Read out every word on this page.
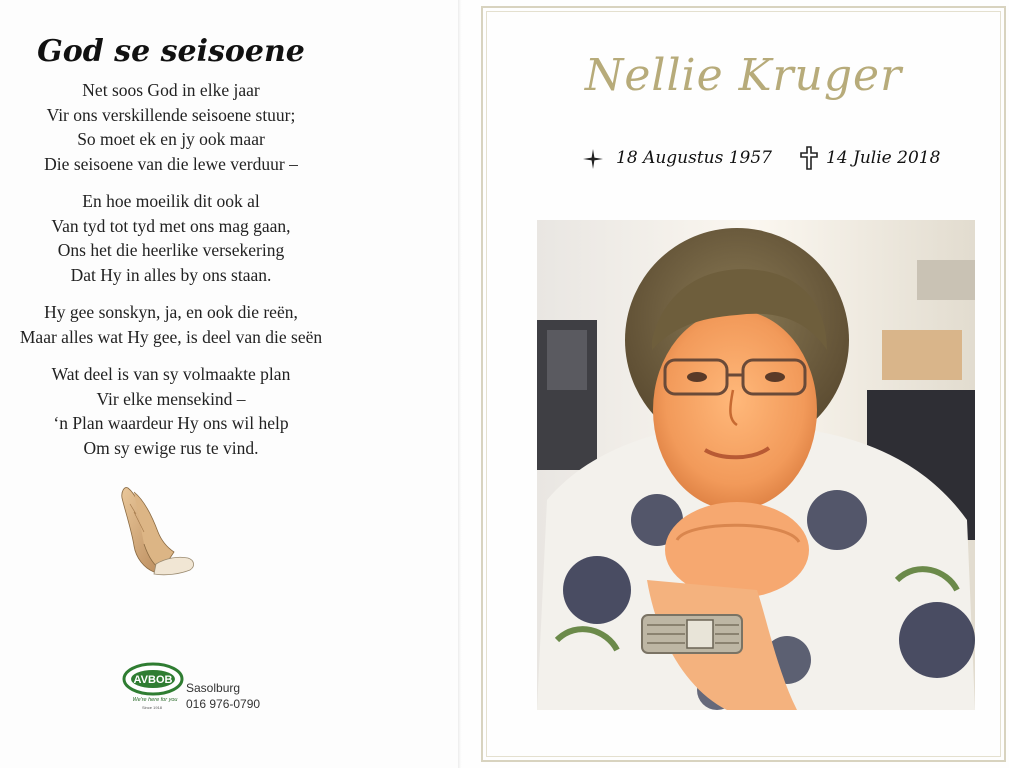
God se seisoene
Net soos God in elke jaar
Vir ons verskillende seisoene stuur;
So moet ek en jy ook maar
Die seisoene van die lewe verduur –
En hoe moeilik dit ook al
Van tyd tot tyd met ons mag gaan,
Ons het die heerlike versekering
Dat Hy in alles by ons staan.
Hy gee sonskyn, ja, en ook die reën,
Maar alles wat Hy gee, is deel van die seën
Wat deel is van sy volmaakte plan
Vir elke mensekind –
‘n Plan waardeur Hy ons wil help
Om sy ewige rus te vind.
AVBOB
We're here for you
Since 1918
Sasolburg
016 976-0790
Nellie Kruger
18 Augustus 1957	14 Julie 2018
